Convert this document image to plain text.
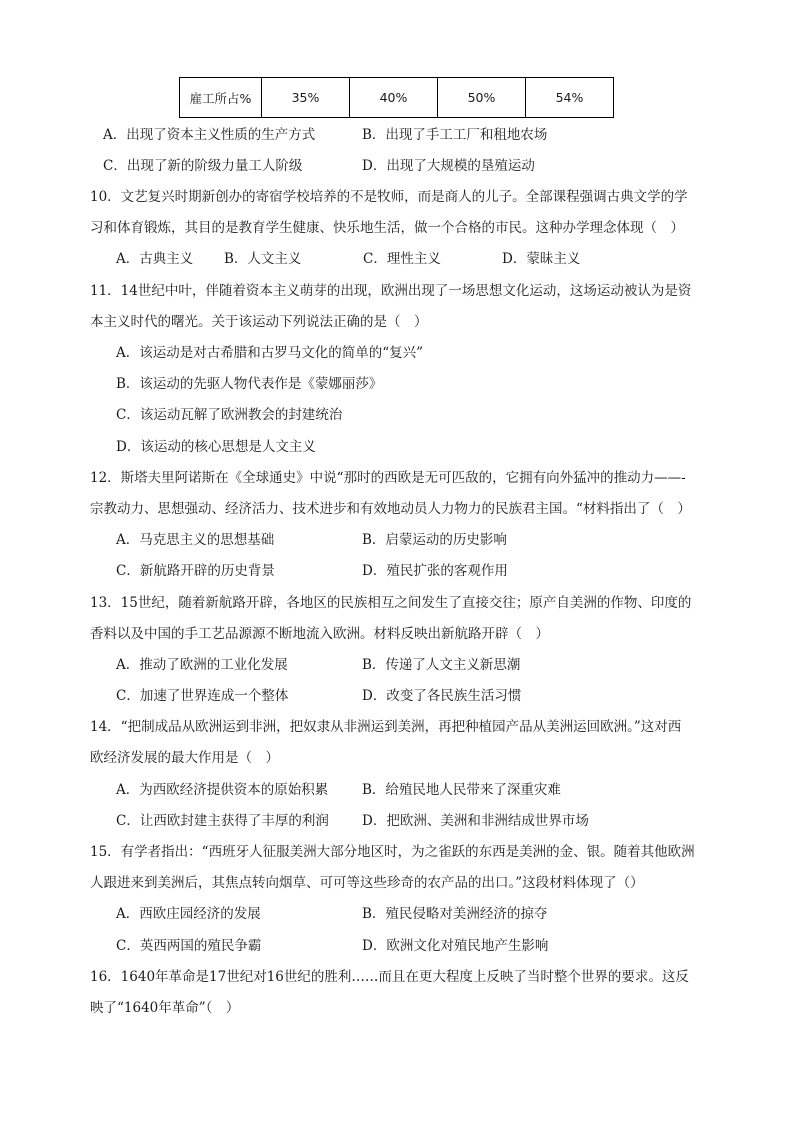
雇工所占%	35%	40%	50%	54%
A．出现了资本主义性质的生产方式	B．出现了手工工厂和租地农场
C．出现了新的阶级力量工人阶级	D．出现了大规模的垦殖运动
10．文艺复兴时期新创办的寄宿学校培养的不是牧师，而是商人的儿子。全部课程强调古典文学的学
习和体育锻炼，其目的是教育学生健康、快乐地生活，做一个合格的市民。这种办学理念体现（　）
A．古典主义 B．人文主义	C．理性主义	D．蒙昧主义
11．14世纪中叶，伴随着资本主义萌芽的出现，欧洲出现了一场思想文化运动，这场运动被认为是资
本主义时代的曙光。关于该运动下列说法正确的是（　）
A．该运动是对古希腊和古罗马文化的简单的“复兴”
B．该运动的先驱人物代表作是《蒙娜丽莎》
C．该运动瓦解了欧洲教会的封建统治
D．该运动的核心思想是人文主义
12．斯塔夫里阿诺斯在《全球通史》中说“那时的西欧是无可匹敌的，它拥有向外猛冲的推动力——-
宗教动力、思想强动、经济活力、技术进步和有效地动员人力物力的民族君主国。“材料指出了（　）
A．马克思主义的思想基础	B．启蒙运动的历史影响
C．新航路开辟的历史背景	D．殖民扩张的客观作用
13．15世纪，随着新航路开辟，各地区的民族相互之间发生了直接交往；原产自美洲的作物、印度的
香料以及中国的手工艺品源源不断地流入欧洲。材料反映出新航路开辟（　）
A．推动了欧洲的工业化发展	B．传递了人文主义新思潮
C．加速了世界连成一个整体	D．改变了各民族生活习惯
14．“把制成品从欧洲运到非洲，把奴隶从非洲运到美洲，再把种植园产品从美洲运回欧洲。”这对西
欧经济发展的最大作用是（　）
A．为西欧经济提供资本的原始积累	B．给殖民地人民带来了深重灾难
C．让西欧封建主获得了丰厚的利润 D．把欧洲、美洲和非洲结成世界市场
15．有学者指出：“西班牙人征服美洲大部分地区时，为之雀跃的东西是美洲的金、银。随着其他欧洲
人跟进来到美洲后，其焦点转向烟草、可可等这些珍奇的农产品的出口。”这段材料体现了（）
A．西欧庄园经济的发展	B．殖民侵略对美洲经济的掠夺
C．英西两国的殖民争霸	D．欧洲文化对殖民地产生影响
16．1640年革命是17世纪对16世纪的胜利……而且在更大程度上反映了当时整个世界的要求。这反
映了“1640年革命”（　）
